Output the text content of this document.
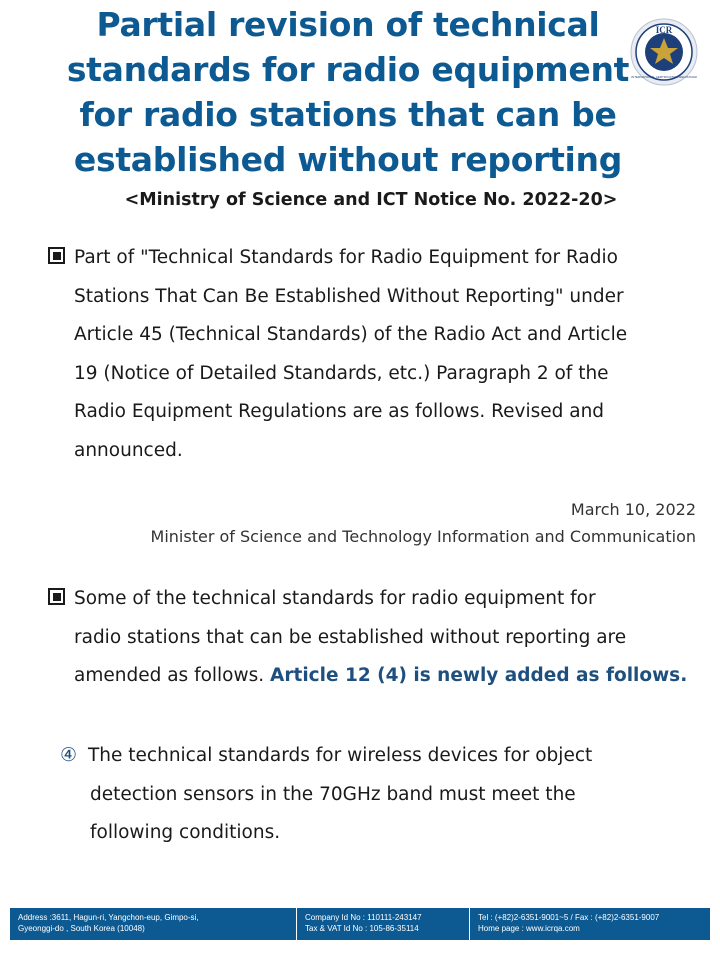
Partial revision of technical
standards for radio equipment
for radio stations that can be
established without reporting
ICR
INTERNATIONAL CERTIFICATION REGISTRAR
<Ministry of Science and ICT Notice No. 2022-20>
Part of "Technical Standards for Radio Equipment for Radio
Stations That Can Be Established Without Reporting" under
Article 45 (Technical Standards) of the Radio Act and Article
19 (Notice of Detailed Standards, etc.) Paragraph 2 of the
Radio Equipment Regulations are as follows. Revised and
announced.
March 10, 2022
Minister of Science and Technology Information and Communication
Some of the technical standards for radio equipment for
radio stations that can be established without reporting are
amended as follows. Article 12 (4) is newly added as follows.
④ The technical standards for wireless devices for object
detection sensors in the 70GHz band must meet the
following conditions.
Address :3611, Hagun-ri, Yangchon-eup, Gimpo-si,
Gyeonggi-do , South Korea (10048)
Company Id No : 110111-243147
Tax & VAT Id No : 105-86-35114
Tel : (+82)2-6351-9001~5 / Fax : (+82)2-6351-9007
Home page : www.icrqa.com
